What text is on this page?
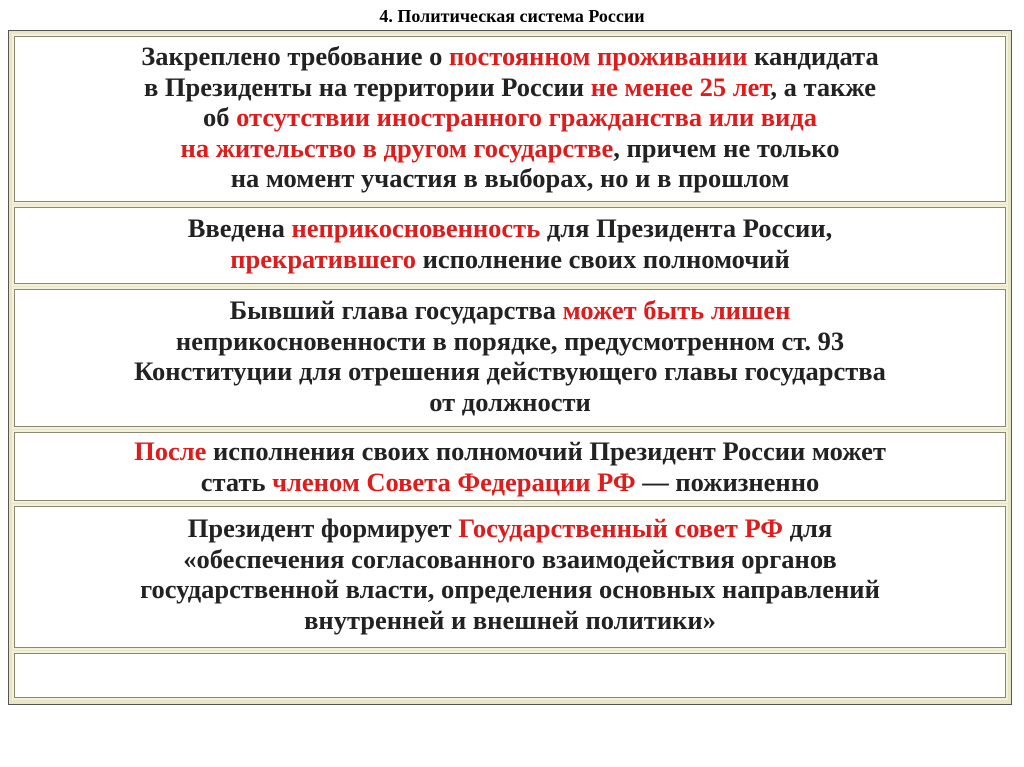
4. Политическая система России
Закреплено требование о постоянном проживании кандидата
в Президенты на территории России не менее 25 лет, а также
об отсутствии иностранного гражданства или вида
на жительство в другом государстве, причем не только
на момент участия в выборах, но и в прошлом
Введена неприкосновенность для Президента России,
прекратившего исполнение своих полномочий
Бывший глава государства может быть лишен
неприкосновенности в порядке, предусмотренном ст. 93
Конституции для отрешения действующего главы государства
от должности
После исполнения своих полномочий Президент России может
стать членом Совета Федерации РФ — пожизненно
Президент формирует Государственный совет РФ для
«обеспечения согласованного взаимодействия органов
государственной власти, определения основных направлений
внутренней и внешней политики»
